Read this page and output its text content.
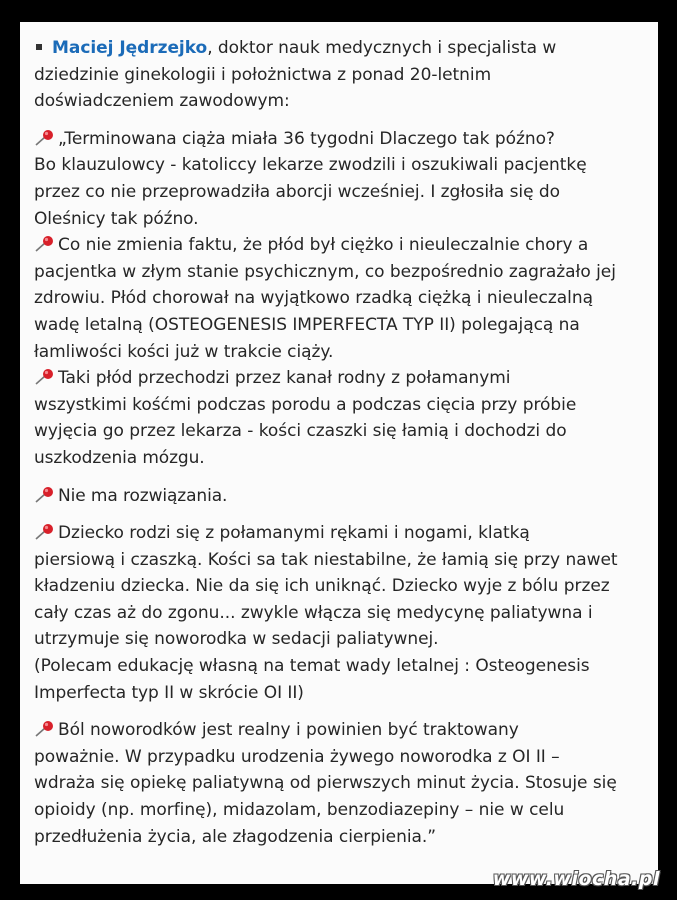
Maciej Jędrzejko, doktor nauk medycznych i specjalista w
dziedzinie ginekologii i położnictwa z ponad 20-letnim
doświadczeniem zawodowym:
„Terminowana ciąża miała 36 tygodni Dlaczego tak późno?
Bo klauzulowcy - katoliccy lekarze zwodzili i oszukiwali pacjentkę
przez co nie przeprowadziła aborcji wcześniej. I zgłosiła się do
Oleśnicy tak późno.
Co nie zmienia faktu, że płód był ciężko i nieuleczalnie chory a
pacjentka w złym stanie psychicznym, co bezpośrednio zagrażało jej
zdrowiu. Płód chorował na wyjątkowo rzadką ciężką i nieuleczalną
wadę letalną (OSTEOGENESIS IMPERFECTA TYP II) polegającą na
łamliwości kości już w trakcie ciąży.
Taki płód przechodzi przez kanał rodny z połamanymi
wszystkimi kośćmi podczas porodu a podczas cięcia przy próbie
wyjęcia go przez lekarza - kości czaszki się łamią i dochodzi do
uszkodzenia mózgu.
Nie ma rozwiązania.
Dziecko rodzi się z połamanymi rękami i nogami, klatką
piersiową i czaszką. Kości sa tak niestabilne, że łamią się przy nawet
kładzeniu dziecka. Nie da się ich uniknąć. Dziecko wyje z bólu przez
cały czas aż do zgonu... zwykle włącza się medycynę paliatywna i
utrzymuje się noworodka w sedacji paliatywnej.
(Polecam edukację własną na temat wady letalnej : Osteogenesis
Imperfecta typ II w skrócie OI II)
Ból noworodków jest realny i powinien być traktowany
poważnie. W przypadku urodzenia żywego noworodka z OI II –
wdraża się opiekę paliatywną od pierwszych minut życia. Stosuje się
opioidy (np. morfinę), midazolam, benzodiazepiny – nie w celu
przedłużenia życia, ale złagodzenia cierpienia.”
www.wiocha.pl
